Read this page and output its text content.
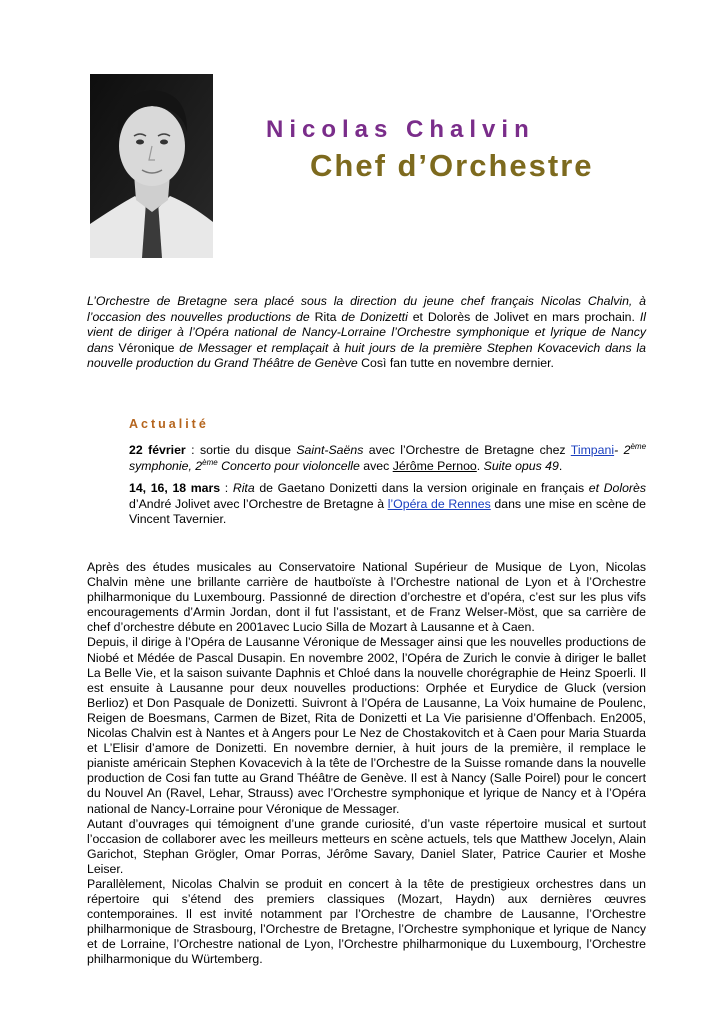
Nicolas Chalvin
Chef d’Orchestre

L’Orchestre de Bretagne sera placé sous la direction du jeune chef français Nicolas Chalvin, à l’occasion des nouvelles productions de Rita de Donizetti et Dolorès de Jolivet en mars prochain. Il vient de diriger à l’Opéra national de Nancy-Lorraine l’Orchestre symphonique et lyrique de Nancy dans Véronique de Messager et remplaçait à huit jours de la première Stephen Kovacevich dans la nouvelle production du Grand Théâtre de Genève Così fan tutte en novembre dernier.

Actualité

22 février : sortie du disque Saint-Saëns avec l’Orchestre de Bretagne chez Timpani- 2ème symphonie, 2ème Concerto pour violoncelle avec Jérôme Pernoo. Suite opus 49.

14, 16, 18 mars : Rita de Gaetano Donizetti dans la version originale en français et Dolorès d’André Jolivet avec l’Orchestre de Bretagne à l’Opéra de Rennes dans une mise en scène de Vincent Tavernier.

Après des études musicales au Conservatoire National Supérieur de Musique de Lyon, Nicolas Chalvin mène une brillante carrière de hautboïste à l’Orchestre national de Lyon et à l’Orchestre philharmonique du Luxembourg. Passionné de direction d’orchestre et d’opéra, c’est sur les plus vifs encouragements d’Armin Jordan, dont il fut l’assistant, et de Franz Welser-Möst, que sa carrière de chef d’orchestre débute en 2001avec Lucio Silla de Mozart à Lausanne et à Caen.
Depuis, il dirige à l’Opéra de Lausanne Véronique de Messager ainsi que les nouvelles productions de Niobé et Médée de Pascal Dusapin. En novembre 2002, l’Opéra de Zurich le convie à diriger le ballet La Belle Vie, et la saison suivante Daphnis et Chloé dans la nouvelle chorégraphie de Heinz Spoerli. Il est ensuite à Lausanne pour deux nouvelles productions: Orphée et Eurydice de Gluck (version Berlioz) et Don Pasquale de Donizetti. Suivront à l’Opéra de Lausanne, La Voix humaine de Poulenc, Reigen de Boesmans, Carmen de Bizet, Rita de Donizetti et La Vie parisienne d’Offenbach. En2005, Nicolas Chalvin est à Nantes et à Angers pour Le Nez de Chostakovitch et à Caen pour Maria Stuarda et L’Elisir d’amore de Donizetti. En novembre dernier, à huit jours de la première, il remplace le pianiste américain Stephen Kovacevich à la tête de l’Orchestre de la Suisse romande dans la nouvelle production de Cosi fan tutte au Grand Théâtre de Genève. Il est à Nancy (Salle Poirel) pour le concert du Nouvel An (Ravel, Lehar, Strauss) avec l’Orchestre symphonique et lyrique de Nancy et à l’Opéra national de Nancy-Lorraine pour Véronique de Messager.
Autant d’ouvrages qui témoignent d’une grande curiosité, d’un vaste répertoire musical et surtout l’occasion de collaborer avec les meilleurs metteurs en scène actuels, tels que Matthew Jocelyn, Alain Garichot, Stephan Grögler, Omar Porras, Jérôme Savary, Daniel Slater, Patrice Caurier et Moshe Leiser.
Parallèlement, Nicolas Chalvin se produit en concert à la tête de prestigieux orchestres dans un répertoire qui s’étend des premiers classiques (Mozart, Haydn) aux dernières œuvres contemporaines. Il est invité notamment par l’Orchestre de chambre de Lausanne, l’Orchestre philharmonique de Strasbourg, l’Orchestre de Bretagne, l’Orchestre symphonique et lyrique de Nancy et de Lorraine, l’Orchestre national de Lyon, l’Orchestre philharmonique du Luxembourg, l’Orchestre philharmonique du Würtemberg.
